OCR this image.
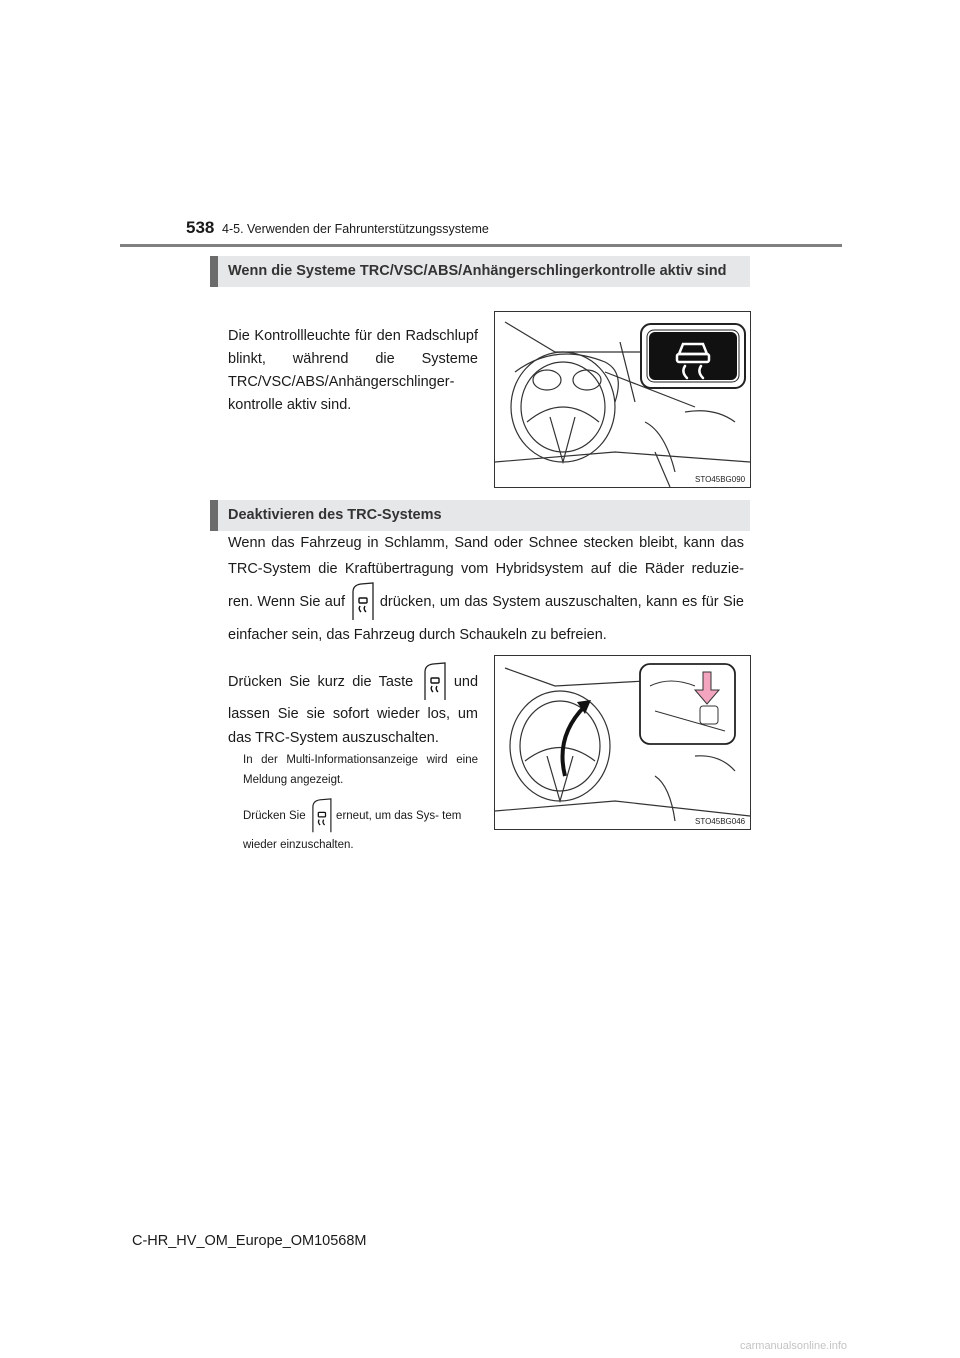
538 4-5. Verwenden der Fahrunterstützungssysteme
Wenn die Systeme TRC/VSC/ABS/Anhängerschlingerkontrolle aktiv sind
Die Kontrollleuchte für den Radschlupf blinkt, während die Systeme TRC/VSC/ABS/Anhängerschlinger- kontrolle aktiv sind.
STO45BG090
Deaktivieren des TRC-Systems
Wenn das Fahrzeug in Schlamm, Sand oder Schnee stecken bleibt, kann das TRC-System die Kraftübertragung vom Hybridsystem auf die Räder reduzie- ren. Wenn Sie auf drücken, um das System auszuschalten, kann es für Sie einfacher sein, das Fahrzeug durch Schaukeln zu befreien.
Drücken Sie kurz die Taste	und lassen Sie sie sofort wieder los, um das TRC-System auszuschalten.
In der Multi-Informationsanzeige wird eine Meldung angezeigt.
Drücken Sie	erneut, um das Sys- tem wieder einzuschalten.
STO45BG046
C-HR_HV_OM_Europe_OM10568M
carmanualsonline.info
